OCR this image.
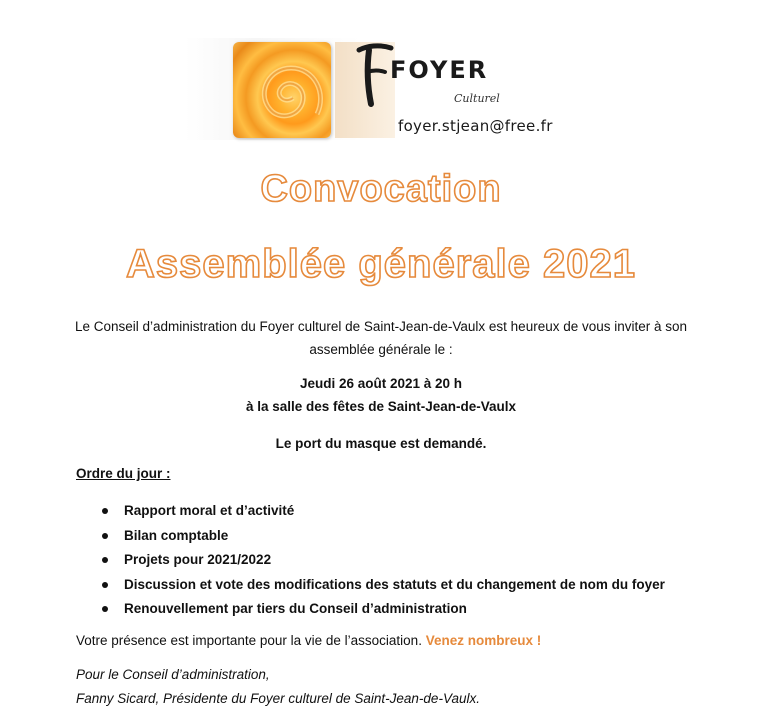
FOYER
Culturel
foyer.stjean@free.fr
Convocation
Assemblée générale 2021
Le Conseil d’administration du Foyer culturel de Saint-Jean-de-Vaulx est heureux de vous inviter à son assemblée générale le :
Jeudi 26 août 2021 à 20 h
à la salle des fêtes de Saint-Jean-de-Vaulx
Le port du masque est demandé.
Ordre du jour :
Rapport moral et d’activité
Bilan comptable
Projets pour 2021/2022
Discussion et vote des modifications des statuts et du changement de nom du foyer
Renouvellement par tiers du Conseil d’administration
Votre présence est importante pour la vie de l’association. Venez nombreux !
Pour le Conseil d’administration,
Fanny Sicard, Présidente du Foyer culturel de Saint-Jean-de-Vaulx.
